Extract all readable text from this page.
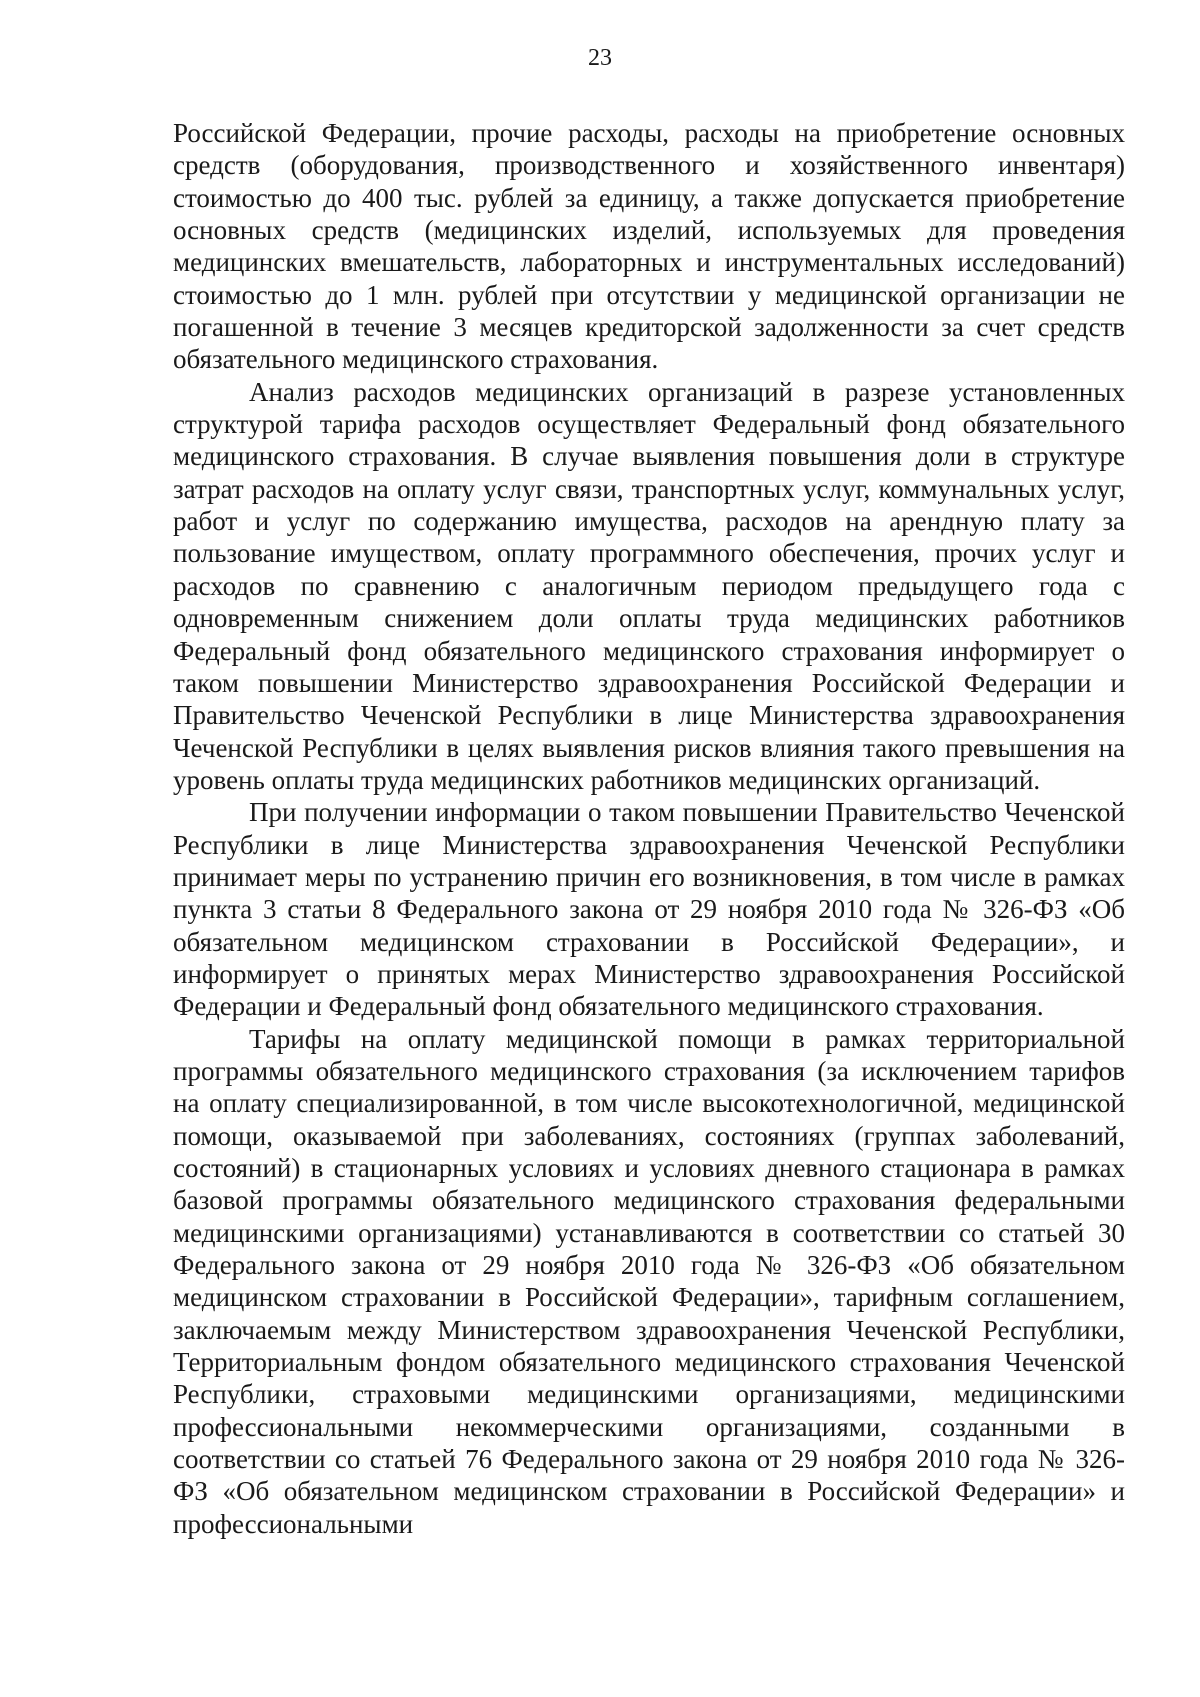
23

Российской Федерации, прочие расходы, расходы на приобретение основных средств (оборудования, производственного и хозяйственного инвентаря) стоимостью до 400 тыс. рублей за единицу, а также допускается приобретение основных средств (медицинских изделий, используемых для проведения медицинских вмешательств, лабораторных и инструментальных исследований) стоимостью до 1 млн. рублей при отсутствии у медицинской организации не погашенной в течение 3 месяцев кредиторской задолженности за счет средств обязательного медицинского страхования.

Анализ расходов медицинских организаций в разрезе установленных структурой тарифа расходов осуществляет Федеральный фонд обязательного медицинского страхования. В случае выявления повышения доли в структуре затрат расходов на оплату услуг связи, транспортных услуг, коммунальных услуг, работ и услуг по содержанию имущества, расходов на арендную плату за пользование имуществом, оплату программного обеспечения, прочих услуг и расходов по сравнению с аналогичным периодом предыдущего года с одновременным снижением доли оплаты труда медицинских работников Федеральный фонд обязательного медицинского страхования информирует о таком повышении Министерство здравоохранения Российской Федерации и Правительство Чеченской Республики в лице Министерства здравоохранения Чеченской Республики в целях выявления рисков влияния такого превышения на уровень оплаты труда медицинских работников медицинских организаций.

При получении информации о таком повышении Правительство Чеченской Республики в лице Министерства здравоохранения Чеченской Республики принимает меры по устранению причин его возникновения, в том числе в рамках пункта 3 статьи 8 Федерального закона от 29 ноября 2010 года № 326-ФЗ «Об обязательном медицинском страховании в Российской Федерации», и информирует о принятых мерах Министерство здравоохранения Российской Федерации и Федеральный фонд обязательного медицинского страхования.

Тарифы на оплату медицинской помощи в рамках территориальной программы обязательного медицинского страхования (за исключением тарифов на оплату специализированной, в том числе высокотехнологичной, медицинской помощи, оказываемой при заболеваниях, состояниях (группах заболеваний, состояний) в стационарных условиях и условиях дневного стационара в рамках базовой программы обязательного медицинского страхования федеральными медицинскими организациями) устанавливаются в соответствии со статьей 30 Федерального закона от 29 ноября 2010 года № 326-ФЗ «Об обязательном медицинском страховании в Российской Федерации», тарифным соглашением, заключаемым между Министерством здравоохранения Чеченской Республики, Территориальным фондом обязательного медицинского страхования Чеченской Республики, страховыми медицинскими организациями, медицинскими профессиональными некоммерческими организациями, созданными в соответствии со статьей 76 Федерального закона от 29 ноября 2010 года № 326-ФЗ «Об обязательном медицинском страховании в Российской Федерации» и профессиональными
